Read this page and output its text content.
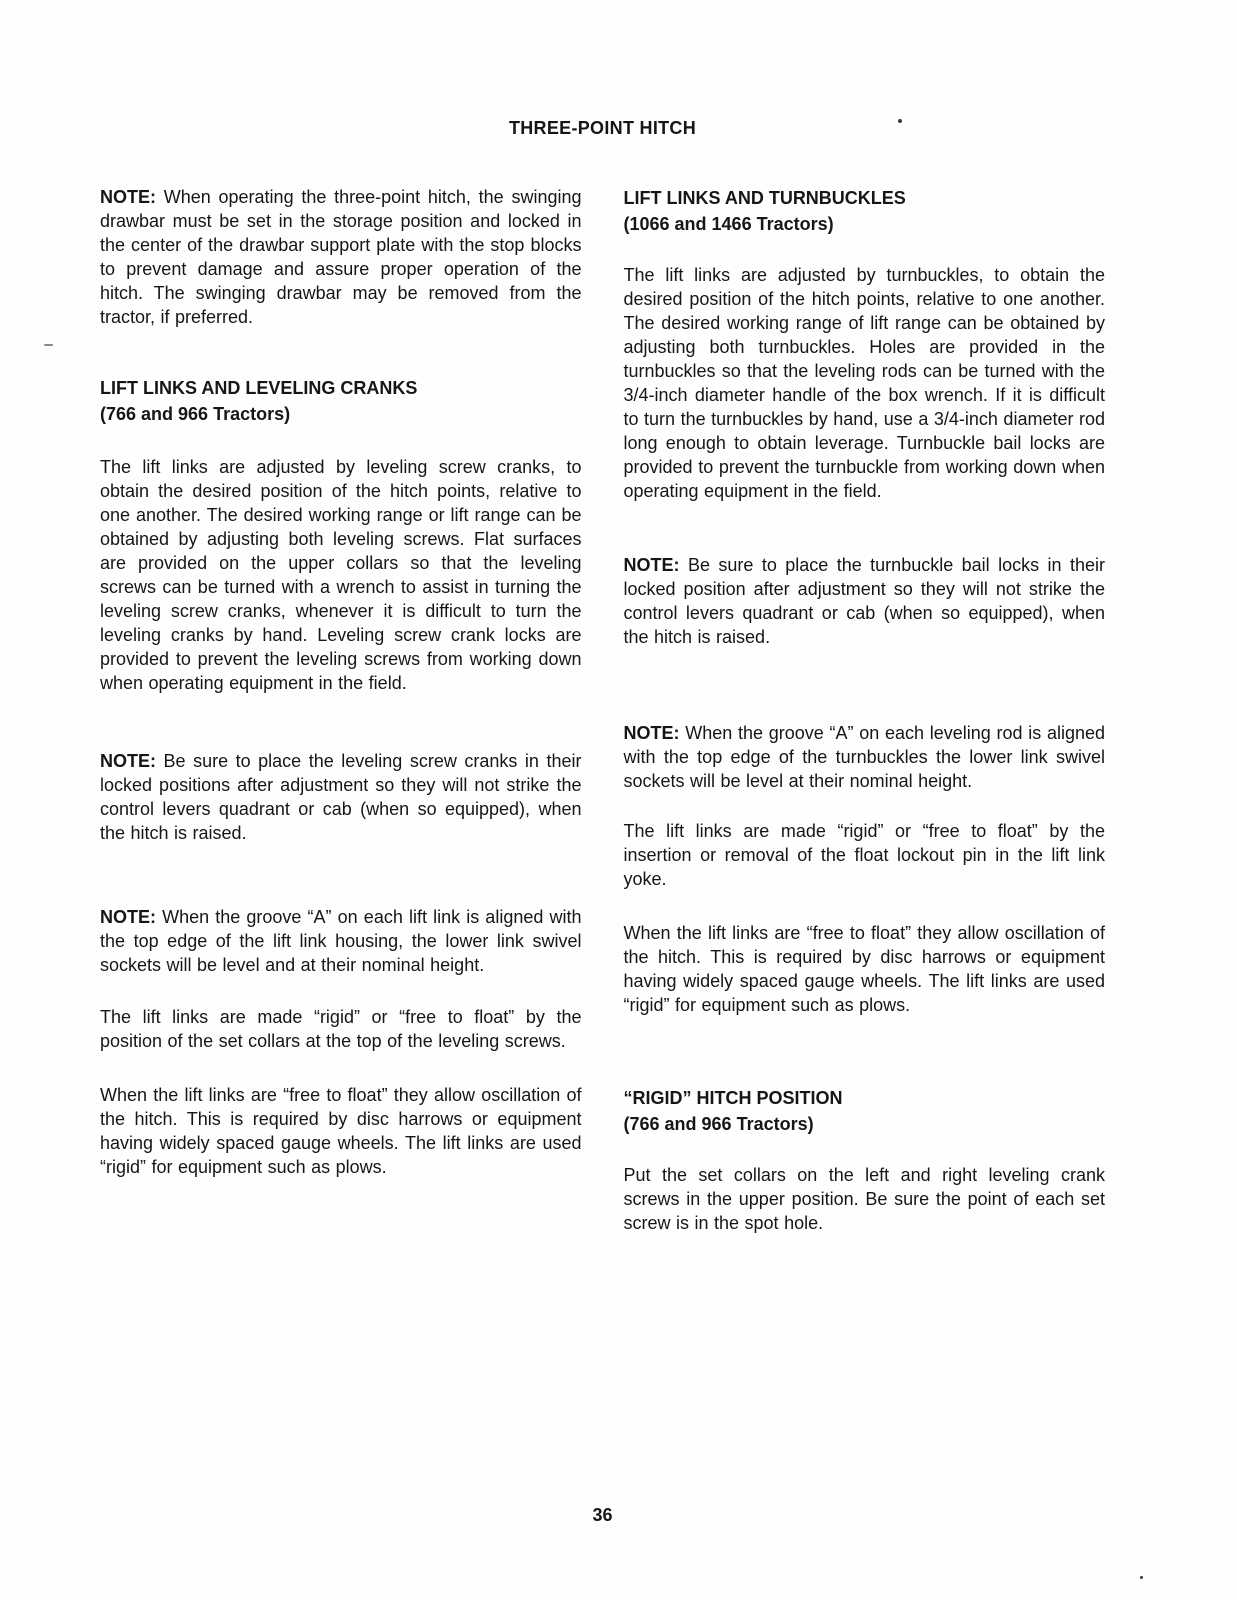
THREE-POINT HITCH

NOTE: When operating the three-point hitch, the swinging drawbar must be set in the storage position and locked in the center of the drawbar support plate with the stop blocks to prevent damage and assure proper operation of the hitch. The swinging drawbar may be removed from the tractor, if preferred.

LIFT LINKS AND LEVELING CRANKS
(766 and 966 Tractors)

The lift links are adjusted by leveling screw cranks, to obtain the desired position of the hitch points, relative to one another. The desired working range or lift range can be obtained by adjusting both leveling screws. Flat surfaces are provided on the upper collars so that the leveling screws can be turned with a wrench to assist in turning the leveling screw cranks, whenever it is difficult to turn the leveling cranks by hand. Leveling screw crank locks are provided to prevent the leveling screws from working down when operating equipment in the field.

NOTE: Be sure to place the leveling screw cranks in their locked positions after adjustment so they will not strike the control levers quadrant or cab (when so equipped), when the hitch is raised.

NOTE: When the groove “A” on each lift link is aligned with the top edge of the lift link housing, the lower link swivel sockets will be level and at their nominal height.

The lift links are made “rigid” or “free to float” by the position of the set collars at the top of the leveling screws.

When the lift links are “free to float” they allow oscillation of the hitch. This is required by disc harrows or equipment having widely spaced gauge wheels. The lift links are used “rigid” for equipment such as plows.

LIFT LINKS AND TURNBUCKLES
(1066 and 1466 Tractors)

The lift links are adjusted by turnbuckles, to obtain the desired position of the hitch points, relative to one another. The desired working range of lift range can be obtained by adjusting both turnbuckles. Holes are provided in the turnbuckles so that the leveling rods can be turned with the 3/4-inch diameter handle of the box wrench. If it is difficult to turn the turnbuckles by hand, use a 3/4-inch diameter rod long enough to obtain leverage. Turnbuckle bail locks are provided to prevent the turnbuckle from working down when operating equipment in the field.

NOTE: Be sure to place the turnbuckle bail locks in their locked position after adjustment so they will not strike the control levers quadrant or cab (when so equipped), when the hitch is raised.

NOTE: When the groove “A” on each leveling rod is aligned with the top edge of the turnbuckles the lower link swivel sockets will be level at their nominal height.

The lift links are made “rigid” or “free to float” by the insertion or removal of the float lockout pin in the lift link yoke.

When the lift links are “free to float” they allow oscillation of the hitch. This is required by disc harrows or equipment having widely spaced gauge wheels. The lift links are used “rigid” for equipment such as plows.

“RIGID” HITCH POSITION
(766 and 966 Tractors)

Put the set collars on the left and right leveling crank screws in the upper position. Be sure the point of each set screw is in the spot hole.

36
